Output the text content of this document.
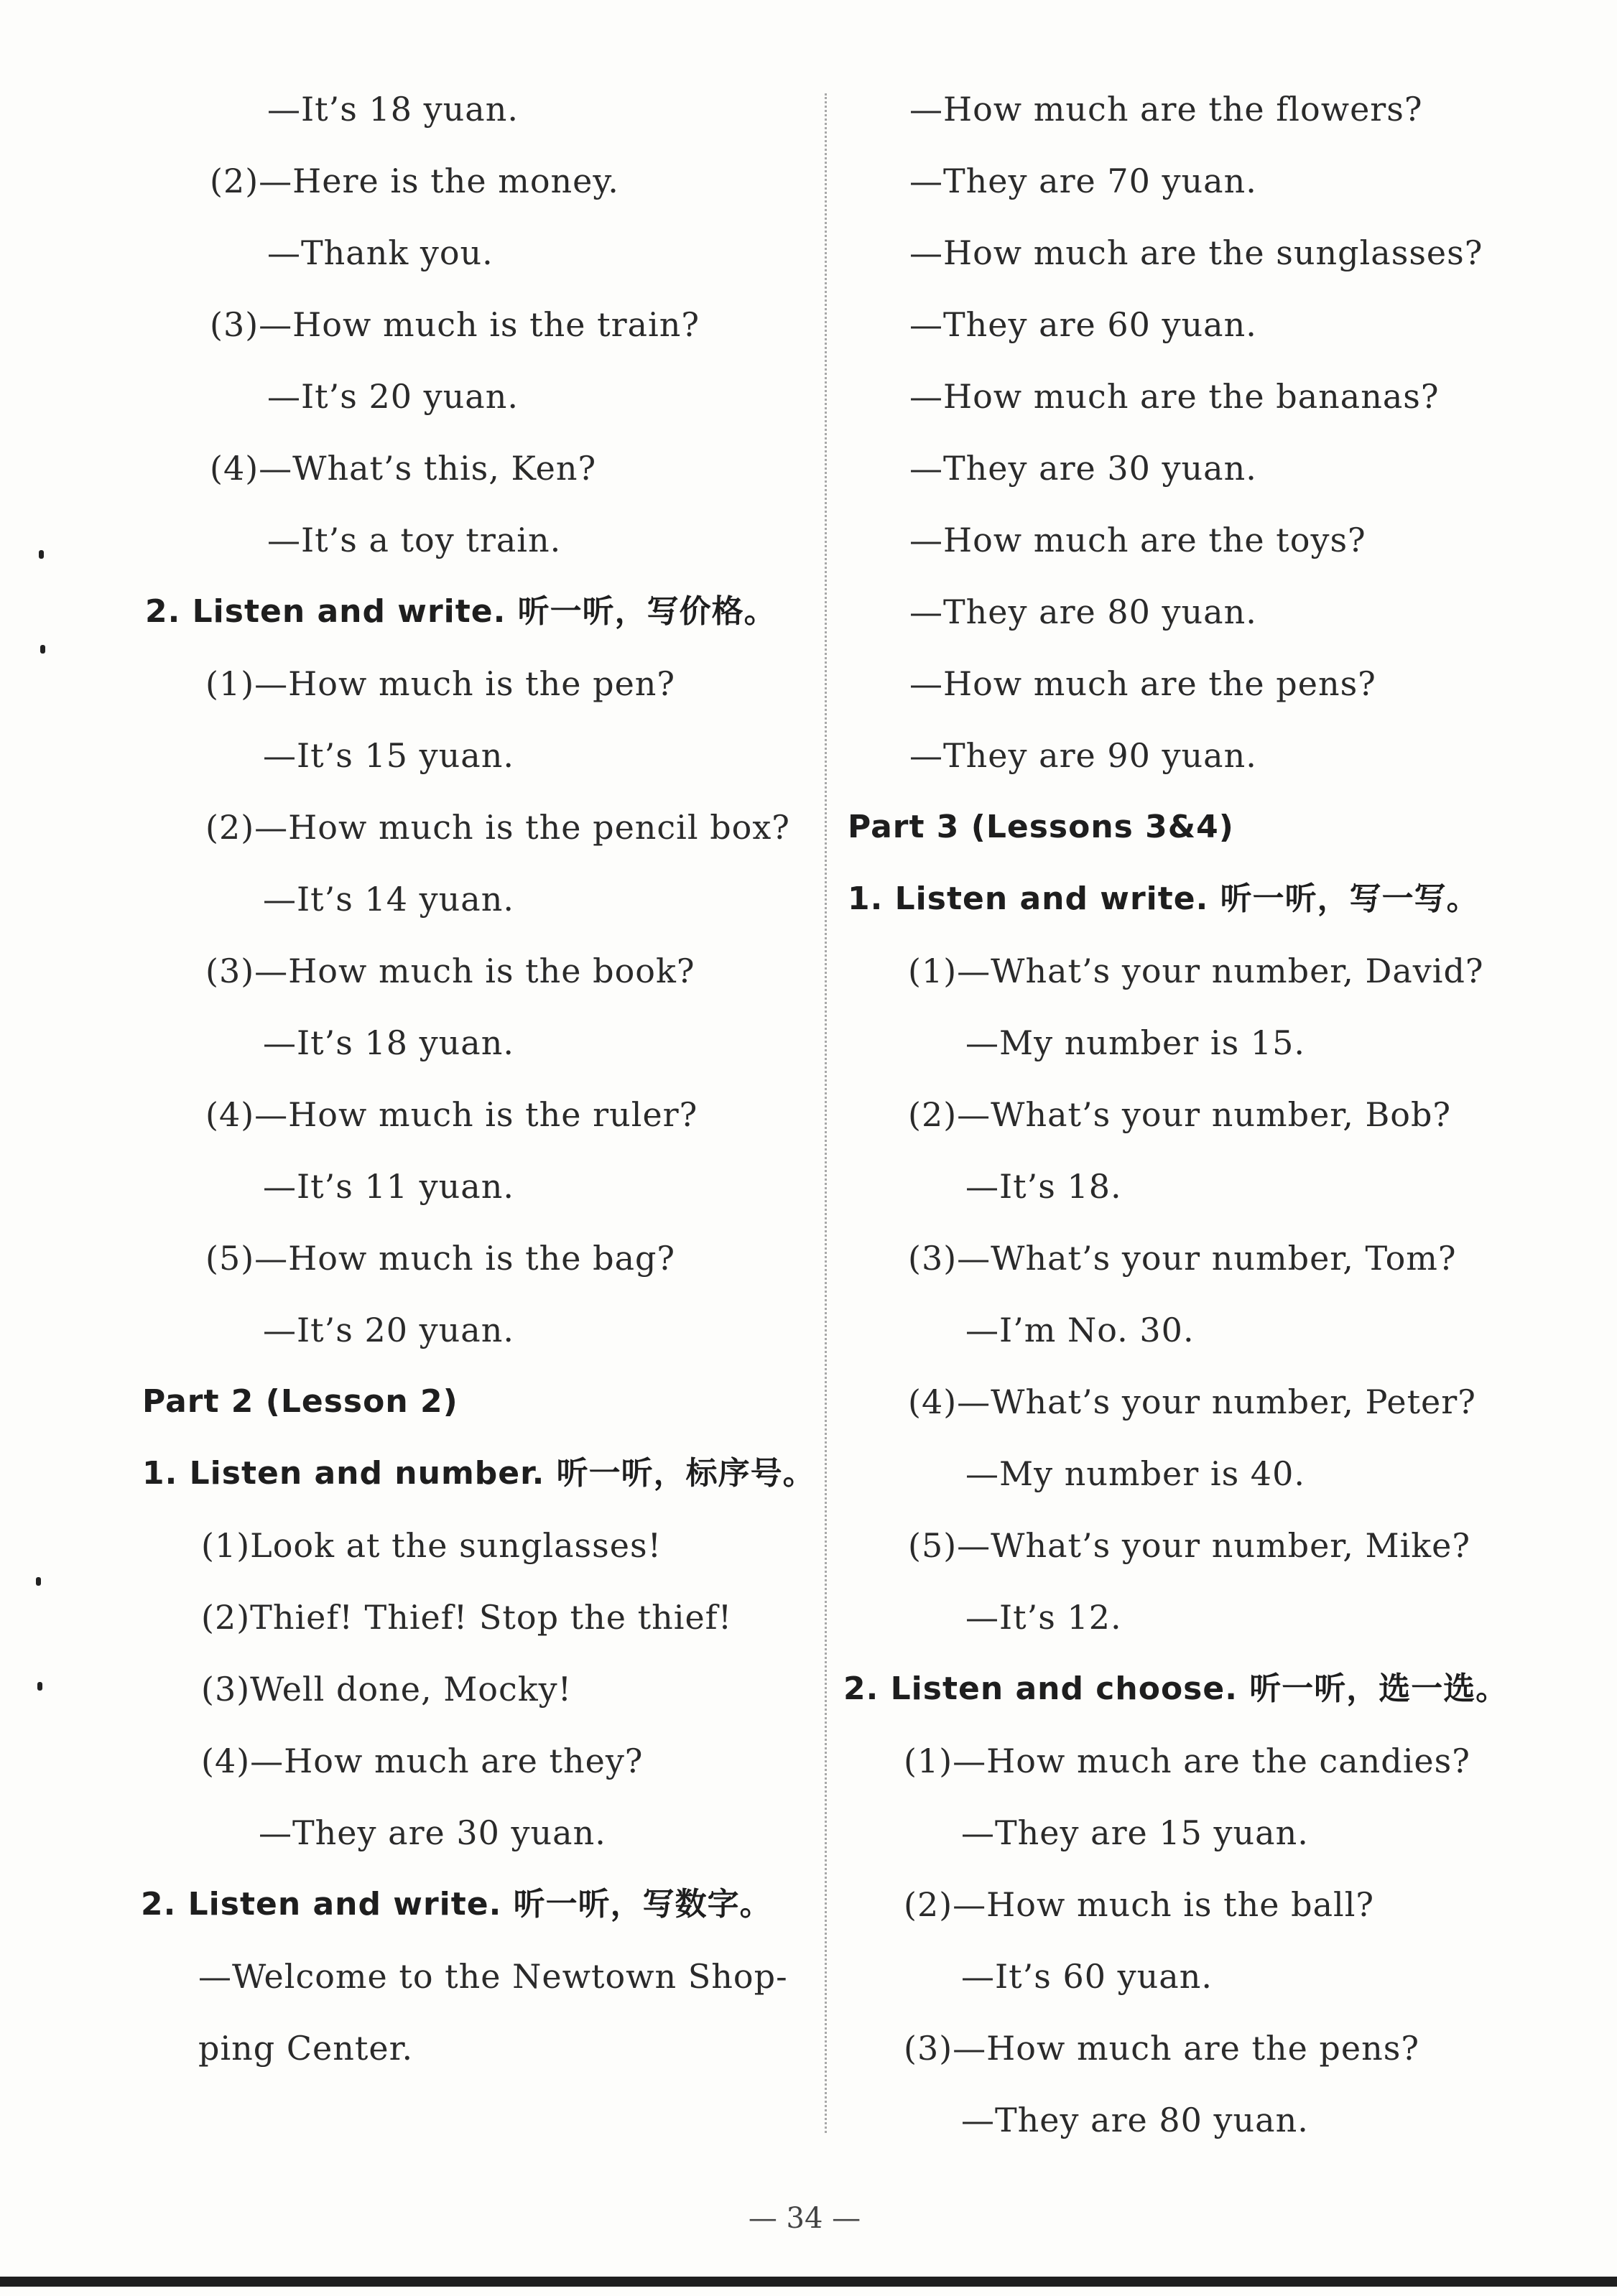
—It’s 18 yuan.
(2)—Here is the money.
—Thank you.
(3)—How much is the train?
—It’s 20 yuan.
(4)—What’s this, Ken?
—It’s a toy train.
2. Listen and write. 听一听，写价格。
(1)—How much is the pen?
—It’s 15 yuan.
(2)—How much is the pencil box?
—It’s 14 yuan.
(3)—How much is the book?
—It’s 18 yuan.
(4)—How much is the ruler?
—It’s 11 yuan.
(5)—How much is the bag?
—It’s 20 yuan.
Part 2 (Lesson 2)
1. Listen and number. 听一听，标序号。
(1)Look at the sunglasses!
(2)Thief! Thief! Stop the thief!
(3)Well done, Mocky!
(4)—How much are they?
—They are 30 yuan.
2. Listen and write. 听一听，写数字。
—Welcome to the Newtown Shop-
ping Center.
—How much are the flowers?
—They are 70 yuan.
—How much are the sunglasses?
—They are 60 yuan.
—How much are the bananas?
—They are 30 yuan.
—How much are the toys?
—They are 80 yuan.
—How much are the pens?
—They are 90 yuan.
Part 3 (Lessons 3&4)
1. Listen and write. 听一听，写一写。
(1)—What’s your number, David?
—My number is 15.
(2)—What’s your number, Bob?
—It’s 18.
(3)—What’s your number, Tom?
—I’m No. 30.
(4)—What’s your number, Peter?
—My number is 40.
(5)—What’s your number, Mike?
—It’s 12.
2. Listen and choose. 听一听，选一选。
(1)—How much are the candies?
—They are 15 yuan.
(2)—How much is the ball?
—It’s 60 yuan.
(3)—How much are the pens?
—They are 80 yuan.
— 34 —
